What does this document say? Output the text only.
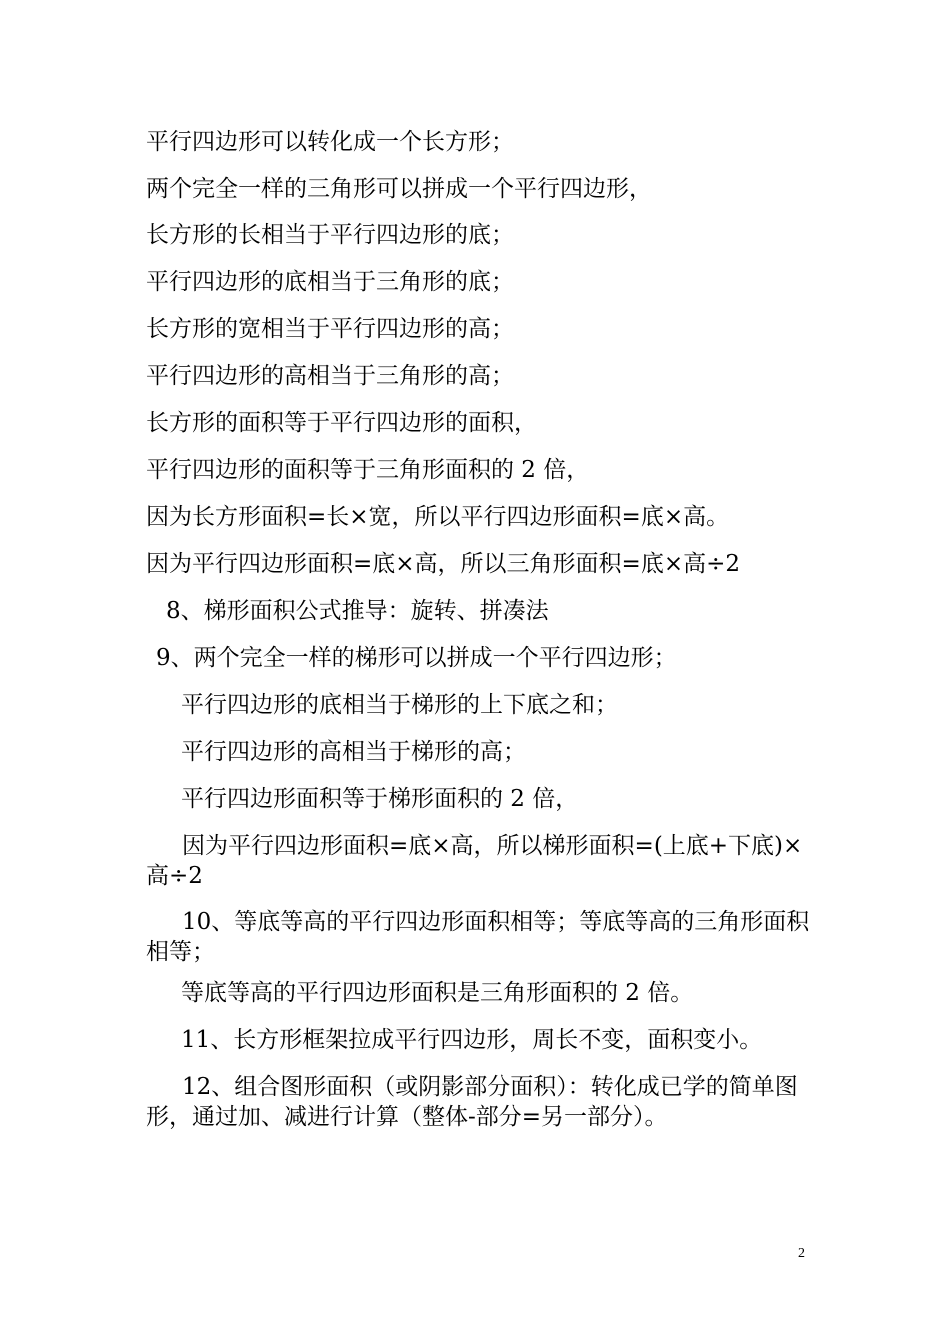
平行四边形可以转化成一个长方形；
两个完全一样的三角形可以拼成一个平行四边形，
长方形的长相当于平行四边形的底；
平行四边形的底相当于三角形的底；
长方形的宽相当于平行四边形的高；
平行四边形的高相当于三角形的高；
长方形的面积等于平行四边形的面积，
平行四边形的面积等于三角形面积的 2 倍，
因为长方形面积=长×宽，所以平行四边形面积=底×高。
因为平行四边形面积=底×高，所以三角形面积=底×高÷2
8、梯形面积公式推导：旋转、拼凑法
9、两个完全一样的梯形可以拼成一个平行四边形；
平行四边形的底相当于梯形的上下底之和；
平行四边形的高相当于梯形的高；
平行四边形面积等于梯形面积的 2 倍，

因为平行四边形面积=底×高，所以梯形面积=(上底+下底)×高÷2

10、等底等高的平行四边形面积相等；等底等高的三角形面积相等；

等底等高的平行四边形面积是三角形面积的 2 倍。
11、长方形框架拉成平行四边形，周长不变，面积变小。

12、组合图形面积（或阴影部分面积）：转化成已学的简单图形，通过加、减进行计算（整体-部分=另一部分）。

2
